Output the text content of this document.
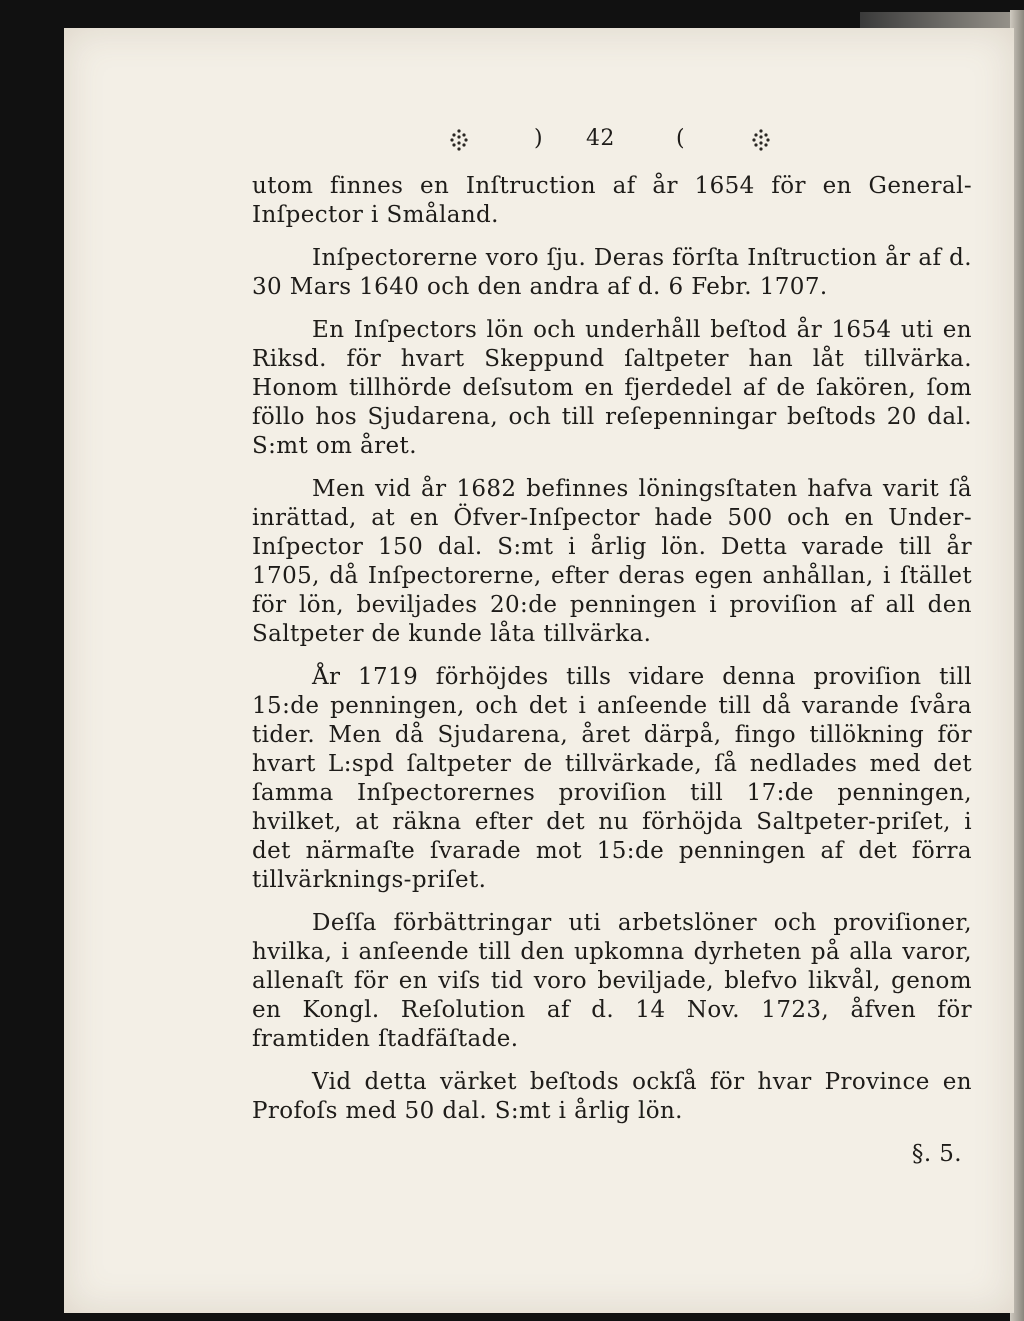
) 42	(

utom finnes en Inſtruction af år 1654 för en General-Inſpector i Småland.

Inſpectorerne voro ſju. Deras förſta Inſtruction år af d. 30 Mars 1640 och den andra af d. 6 Febr. 1707.

En Inſpectors lön och underhåll beſtod år 1654 uti en Riksd. för hvart Skeppund ſaltpeter han låt tillvärka. Honom tillhörde deſsutom en fjerdedel af de ſakören, ſom föllo hos Sjudarena, och till reſepenningar beſtods 20 dal. S:mt om året.

Men vid år 1682 befinnes löningsſtaten hafva varit ſå inrättad, at en Öfver-Inſpector hade 500 och en Under-Inſpector 150 dal. S:mt i årlig lön. Detta varade till år 1705, då Inſpectorerne, efter deras egen anhållan, i ſtället för lön, beviljades 20:de penningen i proviſion af all den Saltpeter de kunde låta tillvärka.

År 1719 förhöjdes tills vidare denna proviſion till 15:de penningen, och det i anſeende till då varande ſvåra tider. Men då Sjudarena, året därpå, fingo tillökning för hvart L:spd ſaltpeter de tillvärkade, ſå nedlades med det ſamma Inſpectorernes proviſion till 17:de penningen, hvilket, at räkna efter det nu förhöjda Saltpeter-priſet, i det närmaſte ſvarade mot 15:de penningen af det förra tillvärknings-priſet.

Deſſa förbättringar uti arbetslöner och proviſioner, hvilka, i anſeende till den upkomna dyrheten på alla varor, allenaſt för en viſs tid voro beviljade, blefvo likvål, genom en Kongl. Reſolution af d. 14 Nov. 1723, åfven för framtiden ſtadfäſtade.

Vid detta värket beſtods ockſå för hvar Province en Profoſs med 50 dal. S:mt i årlig lön.

§. 5.
